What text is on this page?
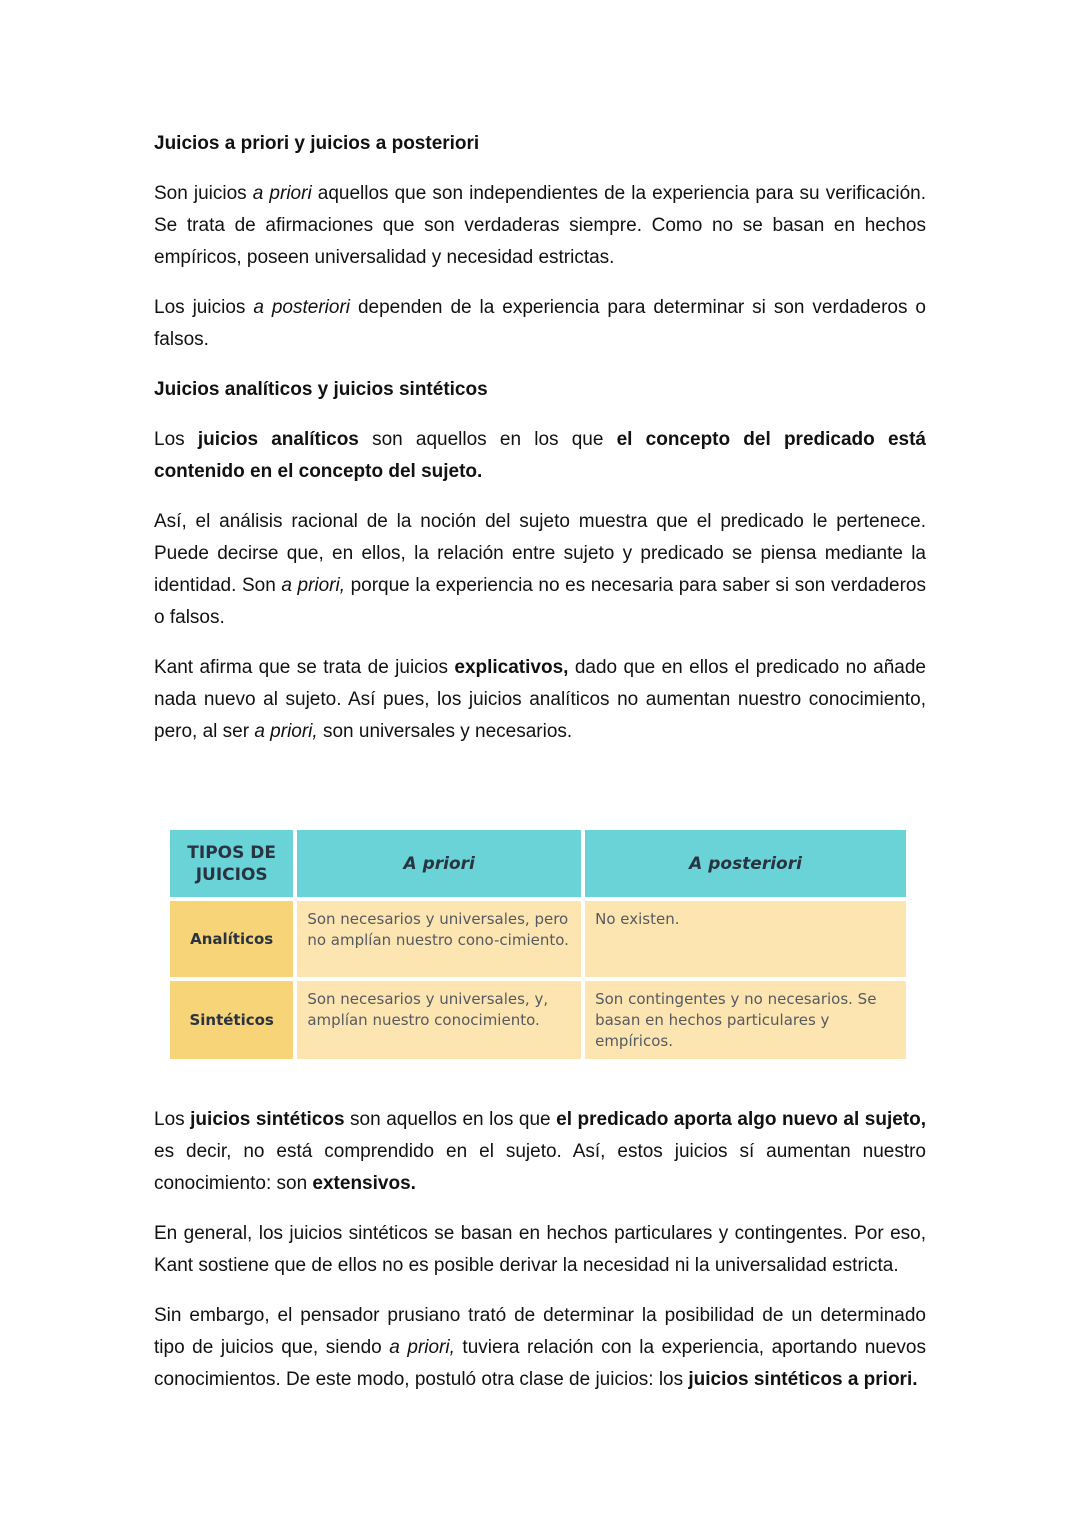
Juicios a priori y juicios a posteriori

Son juicios a priori aquellos que son independientes de la experiencia para su verificación. Se trata de afirmaciones que son verdaderas siempre. Como no se basan en hechos empíricos, poseen universalidad y necesidad estrictas.

Los juicios a posteriori dependen de la experiencia para determinar si son verdaderos o falsos.

Juicios analíticos y juicios sintéticos

Los juicios analíticos son aquellos en los que el concepto del predicado está contenido en el concepto del sujeto.

Así, el análisis racional de la noción del sujeto muestra que el predicado le pertenece. Puede decirse que, en ellos, la relación entre sujeto y predicado se piensa mediante la identidad. Son a priori, porque la experiencia no es necesaria para saber si son verdaderos o falsos.

Kant afirma que se trata de juicios explicativos, dado que en ellos el predicado no añade nada nuevo al sujeto. Así pues, los juicios analíticos no aumentan nuestro conocimiento, pero, al ser a priori, son universales y necesarios.

TIPOS DE JUICIOS	A priori	A posteriori
Analíticos	Son necesarios y universales, pero no amplían nuestro cono-cimiento.	No existen.
Sintéticos	Son necesarios y universales, y, amplían nuestro conocimiento.	Son contingentes y no necesarios. Se basan en hechos particulares y empíricos.

Los juicios sintéticos son aquellos en los que el predicado aporta algo nuevo al sujeto, es decir, no está comprendido en el sujeto. Así, estos juicios sí aumentan nuestro conocimiento: son extensivos.

En general, los juicios sintéticos se basan en hechos particulares y contingentes. Por eso, Kant sostiene que de ellos no es posible derivar la necesidad ni la universalidad estricta.

Sin embargo, el pensador prusiano trató de determinar la posibilidad de un determinado tipo de juicios que, siendo a priori, tuviera relación con la experiencia, aportando nuevos conocimientos. De este modo, postuló otra clase de juicios: los juicios sintéticos a priori.
